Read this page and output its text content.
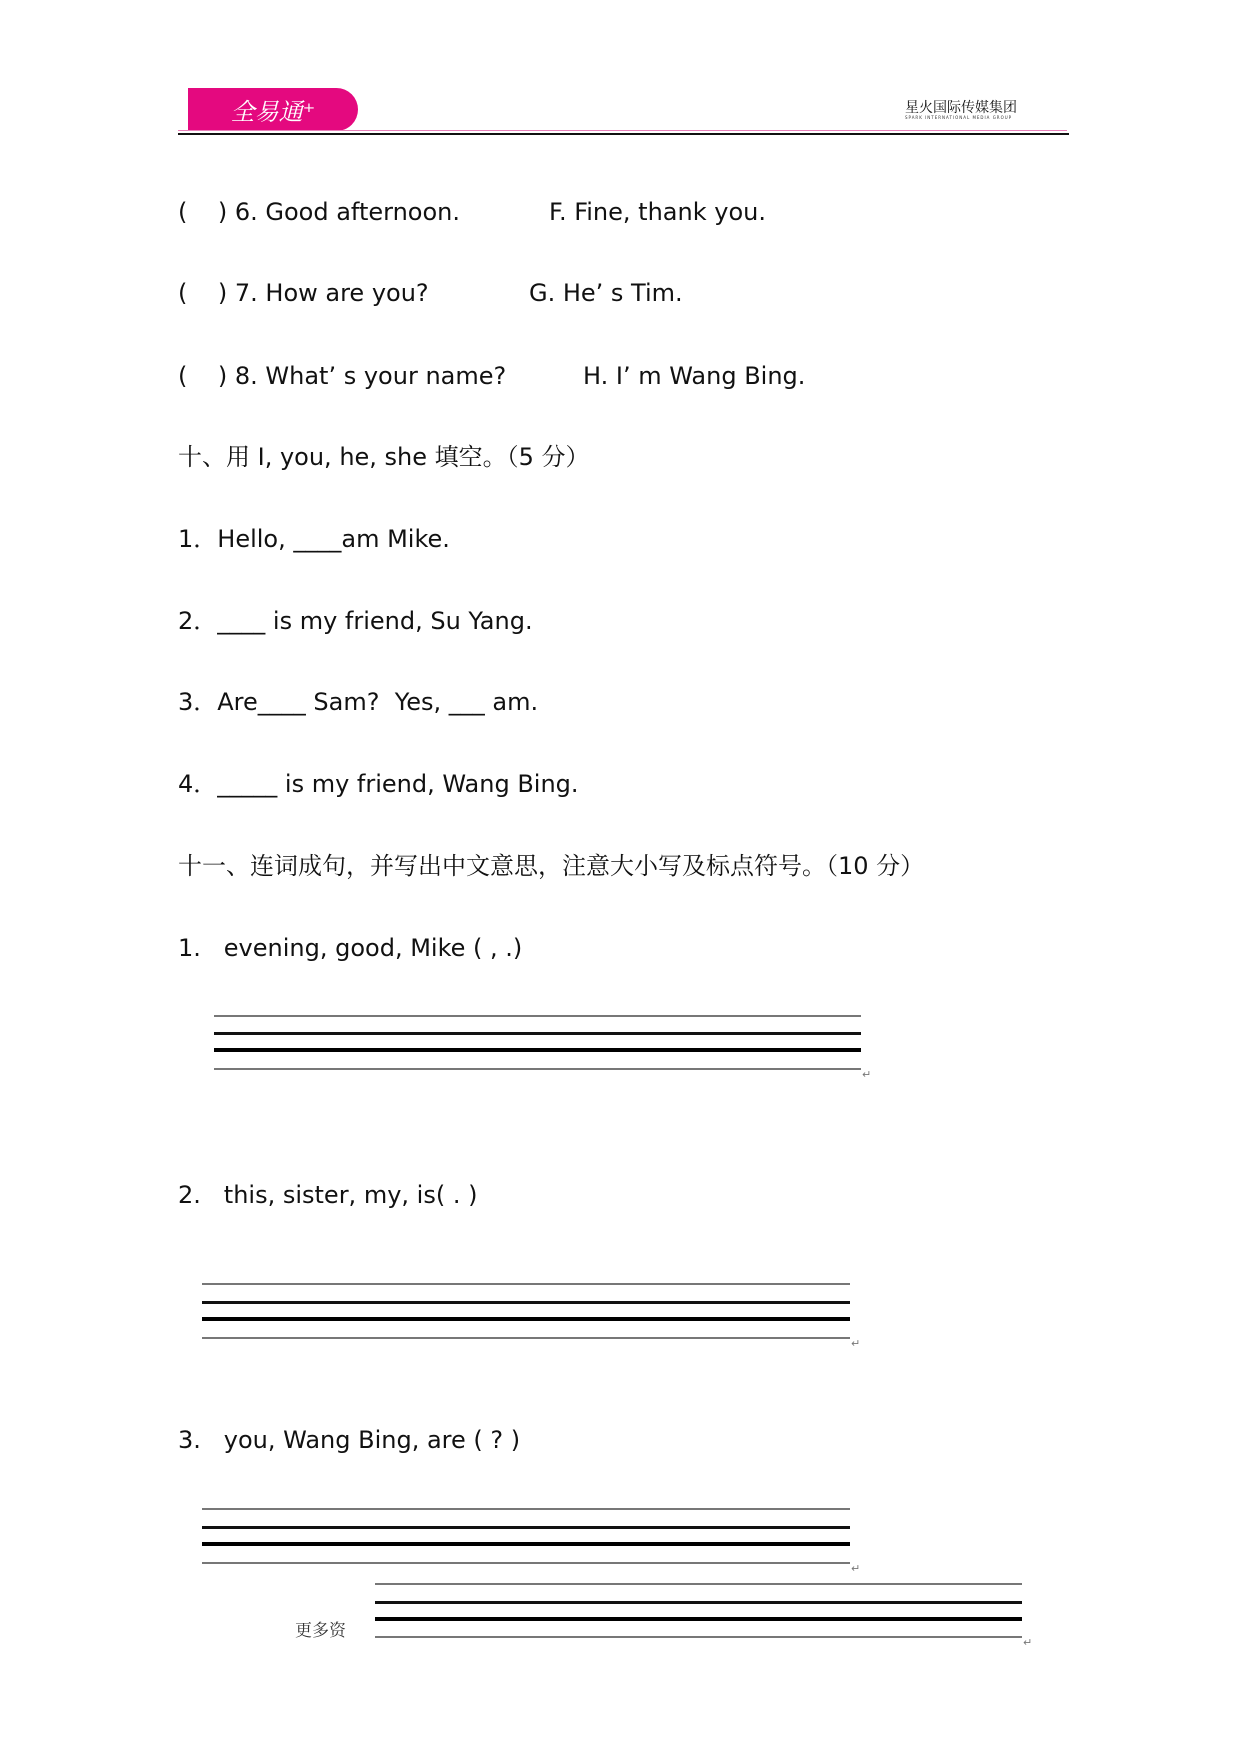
全易通⁺	星火国际传媒集团
SPARK INTERNATIONAL MEDIA GROUP
(    ) 6. Good afternoon.	F. Fine, thank you.
(    ) 7. How are you?	G. He’ s Tim.
(    ) 8. What’ s your name?	H. I’ m Wang Bing.
十、用 I, you, he, she 填空。（5 分）
1．Hello, ____am Mike.
2．____ is my friend, Su Yang.
3．Are____ Sam?  Yes, ___ am.
4．_____ is my friend, Wang Bing.
十一、连词成句，并写出中文意思，注意大小写及标点符号。（10 分）
1.   evening, good, Mike ( , .)
↵
2.   this, sister, my, is( . )
↵
3.   you, Wang Bing, are ( ? )
↵
更多资
↵
